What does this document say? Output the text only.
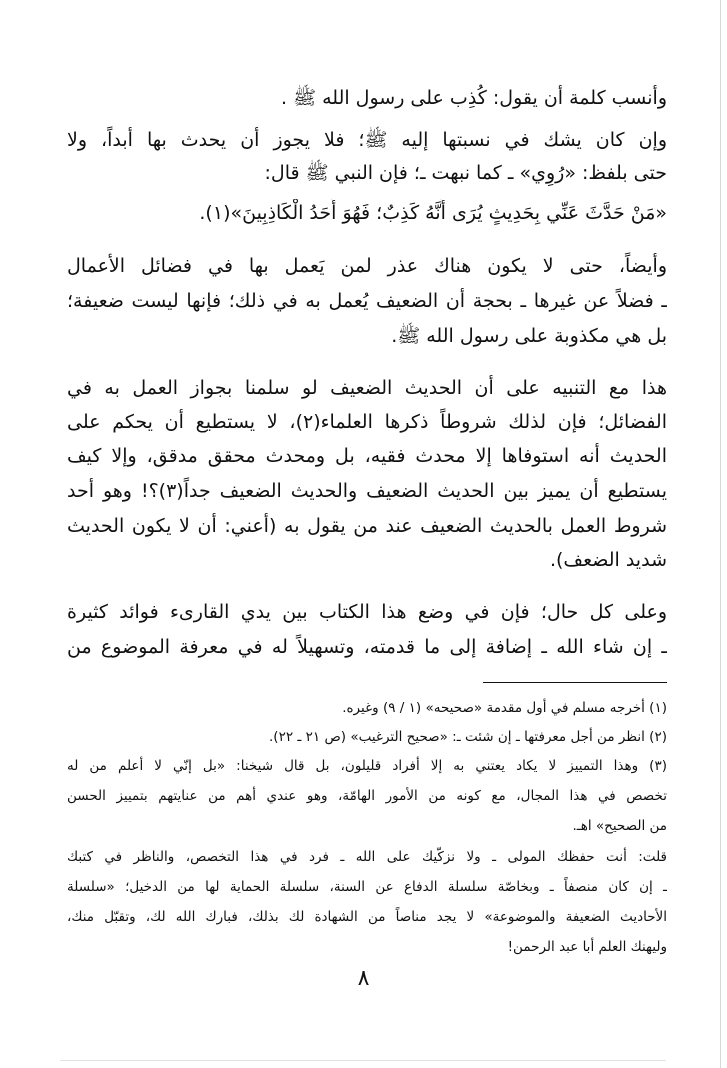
وأنسب كلمة أن يقول: كُذِب على رسول الله ﷺ .
وإن كان يشك في نسبتها إليه ﷺ؛ فلا يجوز أن يحدث بها أبداً، ولا
حتى بلفظ: «رُوِي» ـ كما نبهت ـ؛ فإن النبي ﷺ قال:
«مَنْ حَدَّثَ عَنِّي بِحَدِيثٍ يُرَى أَنَّهُ كَذِبٌ؛ فَهُوَ أَحَدُ الْكَاذِبِينَ»(١).
وأيضاً، حتى لا يكون هناك عذر لمن يَعمل بها في فضائل الأعمال
ـ فضلاً عن غيرها ـ بحجة أن الضعيف يُعمل به في ذلك؛ فإنها ليست ضعيفة؛
بل هي مكذوبة على رسول الله ﷺ.
هذا مع التنبيه على أن الحديث الضعيف لو سلمنا بجواز العمل به في
الفضائل؛ فإن لذلك شروطاً ذكرها العلماء(٢)، لا يستطيع أن يحكم على
الحديث أنه استوفاها إلا محدث فقيه، بل ومحدث محقق مدقق، وإلا كيف
يستطيع أن يميز بين الحديث الضعيف والحديث الضعيف جداً(٣)؟! وهو أحد
شروط العمل بالحديث الضعيف عند من يقول به (أعني: أن لا يكون الحديث
شديد الضعف).
وعلى كل حال؛ فإن في وضع هذا الكتاب بين يدي القارىء فوائد كثيرة
ـ إن شاء الله ـ إضافة إلى ما قدمته، وتسهيلاً له في معرفة الموضوع من
(١) أخرجه مسلم في أول مقدمة «صحيحه» (١ / ٩) وغيره.
(٢) انظر من أجل معرفتها ـ إن شئت ـ: «صحيح الترغيب» (ص ٢١ ـ ٢٢).
(٣) وهذا التمييز لا يكاد يعتني به إلا أفراد قليلون، بل قال شيخنا: «بل إنّي لا أعلم من له
تخصص في هذا المجال، مع كونه من الأمور الهامّة، وهو عندي أهم من عنايتهم بتمييز الحسن
من الصحيح» اهـ.
قلت: أنت حفظك المولى ـ ولا نزكّيك على الله ـ فرد في هذا التخصص، والناظر في كتبك
ـ إن كان منصفاً ـ وبخاصّة سلسلة الدفاع عن السنة، سلسلة الحماية لها من الدخيل؛ «سلسلة
الأحاديث الضعيفة والموضوعة» لا يجد مناصاً من الشهادة لك بذلك، فبارك الله لك، وتقبّل منك،
وليهنك العلم أبا عبد الرحمن!
٨
